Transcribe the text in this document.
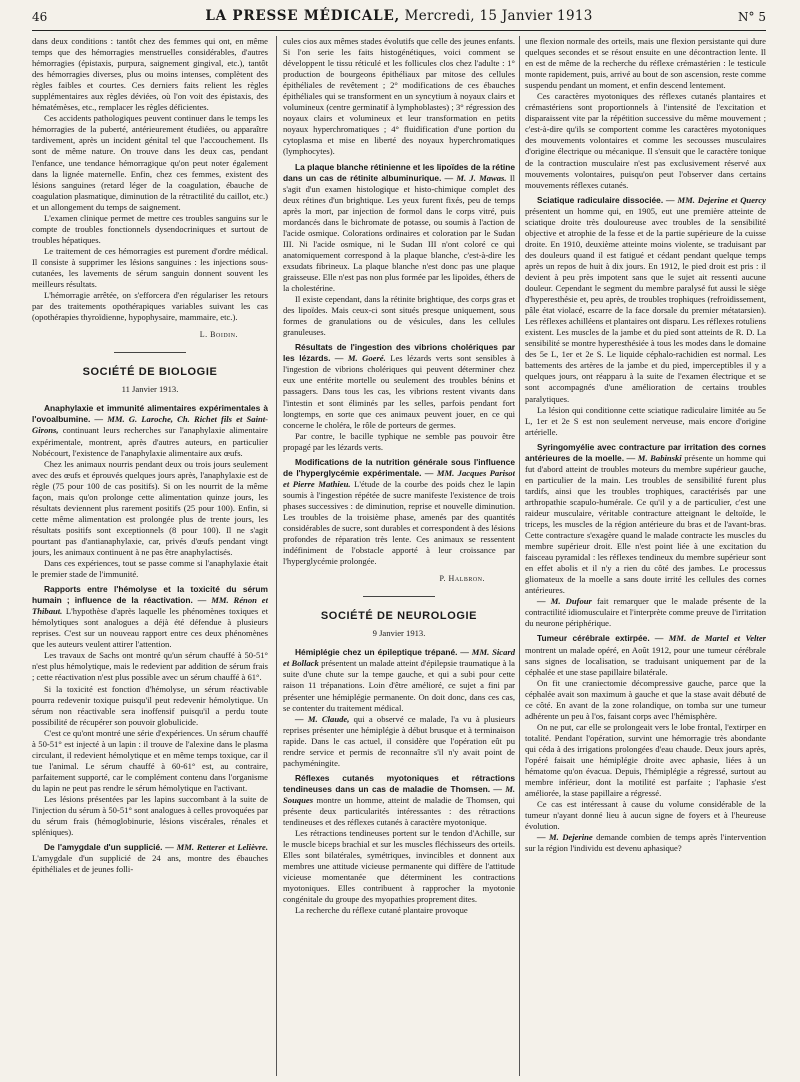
46	LA PRESSE MÉDICALE, Mercredi, 15 Janvier 1913	N° 5

dans deux conditions : tantôt chez des femmes qui ont, en même temps que des hémorragies menstruelles considérables, d'autres hémorragies (épistaxis, purpura, saignement gingival, etc.), tantôt des hémorragies diverses, plus ou moins intenses, complètent des règles faibles et courtes. Ces derniers faits relient les règles supplémentaires aux règles déviées, où l'on voit des épistaxis, des hématémèses, etc., remplacer les règles déficientes.

Ces accidents pathologiques peuvent continuer dans le temps les hémorragies de la puberté, antérieurement étudiées, ou apparaître tardivement, après un incident génital tel que l'accouchement. Ils sont de même nature. On trouve dans les deux cas, pendant l'enfance, une tendance hémorragique qu'on peut noter également dans la lignée maternelle. Enfin, chez ces femmes, existent des lésions sanguines (retard léger de la coagulation, ébauche de coagulation plasmatique, diminution de la rétractilité du caillot, etc.) et un allongement du temps de saignement.

L'examen clinique permet de mettre ces troubles sanguins sur le compte de troubles fonctionnels dysendocriniques et surtout de troubles hépatiques.

Le traitement de ces hémorragies est purement d'ordre médical. Il consiste à supprimer les lésions sanguines : les injections sous-cutanées, les lavements de sérum sanguin donnent souvent les meilleurs résultats.

L'hémorragie arrêtée, on s'efforcera d'en régulariser les retours par des traitements opothérapiques variables suivant les cas (opothérapies thyroïdienne, hypophysaire, mammaire, etc.).

L. Boidin.

SOCIÉTÉ DE BIOLOGIE

11 Janvier 1913.

Anaphylaxie et immunité alimentaires expérimentales à l'ovoalbumine. — MM. G. Laroche, Ch. Richet fils et Saint-Girons, continuant leurs recherches sur l'anaphylaxie alimentaire expérimentale, montrent, après d'autres auteurs, en particulier Nobécourt, l'existence de l'anaphylaxie alimentaire aux œufs.

Chez les animaux nourris pendant deux ou trois jours seulement avec des œufs et éprouvés quelques jours après, l'anaphylaxie est de règle (75 pour 100 de cas positifs). Si on les nourrit de la même façon, mais qu'on prolonge cette alimentation quinze jours, les résultats deviennent plus rarement positifs (25 pour 100). Enfin, si cette même alimentation est prolongée plus de trente jours, les résultats positifs sont exceptionnels (8 pour 100). Il ne s'agit pourtant pas d'antianaphylaxie, car, privés d'œufs pendant vingt jours, les animaux continuent à ne pas être anaphylactisés.

Dans ces expériences, tout se passe comme si l'anaphylaxie était le premier stade de l'immunité.

Rapports entre l'hémolyse et la toxicité du sérum humain ; influence de la réactivation. — MM. Rénon et Thibaut. L'hypothèse d'après laquelle les phénomènes toxiques et hémolytiques sont analogues a déjà été défendue à plusieurs reprises. C'est sur un nouveau rapport entre ces deux phénomènes que les auteurs veulent attirer l'attention.

Les travaux de Sachs ont montré qu'un sérum chauffé à 50-51° n'est plus hémolytique, mais le redevient par addition de sérum frais ; cette réactivation n'est plus possible avec un sérum chauffé à 61°.

Si la toxicité est fonction d'hémolyse, un sérum réactivable pourra redevenir toxique puisqu'il peut redevenir hémolytique. Un sérum non réactivable sera inoffensif puisqu'il a perdu toute possibilité de récupérer son pouvoir globulicide.

C'est ce qu'ont montré une série d'expériences. Un sérum chauffé à 50-51° est injecté à un lapin : il trouve de l'alexine dans le plasma circulant, il redevient hémolytique et en même temps toxique, car il tue l'animal. Le sérum chauffé à 60-61° est, au contraire, parfaitement supporté, car le complément contenu dans l'organisme du lapin ne peut pas rendre le sérum hémolytique en l'activant.

Les lésions présentées par les lapins succombant à la suite de l'injection du sérum à 50-51° sont analogues à celles provoquées par du sérum frais (hémoglobinurie, lésions viscérales, rénales et spléniques).

De l'amygdale d'un supplicié. — MM. Retterer et Lelièvre. L'amygdale d'un supplicié de 24 ans, montre des ébauches épithéliales et de jeunes folli-

cules cios aux mêmes stades évolutifs que celle des jeunes enfants. Si l'on serie les faits histogénétiques, voici comment se développent le tissu réticulé et les follicules clos chez l'adulte : 1° production de bourgeons épithéliaux par mitose des cellules épithéliales de revêtement ; 2° modifications de ces ébauches épithéliales qui se transforment en un syncytium à noyaux clairs et volumineux (centre germinatif à lymphoblastes) ; 3° régression des noyaux clairs et volumineux et leur transformation en petits noyaux hyperchromatiques ; 4° fluidification d'une portion du cytoplasma et mise en liberté des noyaux hyperchromatiques (lymphocytes).

La plaque blanche rétinienne et les lipoïdes de la rétine dans un cas de rétinite albuminurique. — M. J. Mawas. Il s'agit d'un examen histologique et histo-chimique complet des deux rétines d'un brightique. Les yeux furent fixés, peu de temps après la mort, par injection de formol dans le corps vitré, puis mordancés dans le bichromate de potasse, ou soumis à l'action de l'acide osmique. Colorations ordinaires et coloration par le Sudan III. Ni l'acide osmique, ni le Sudan III n'ont coloré ce qui anatomiquement correspond à la plaque blanche, c'est-à-dire les exsudats fibrineux. La plaque blanche n'est donc pas une plaque graisseuse. Elle n'est pas non plus formée par les lipoïdes, éthers de la cholestérine.

Il existe cependant, dans la rétinite brightique, des corps gras et des lipoïdes. Mais ceux-ci sont situés presque uniquement, sous formes de granulations ou de vésicules, dans les cellules granuleuses.

Résultats de l'ingestion des vibrions cholériques par les lézards. — M. Goeré. Les lézards verts sont sensibles à l'ingestion de vibrions cholériques qui peuvent déterminer chez eux une entérite mortelle ou seulement des troubles bénins et passagers. Dans tous les cas, les vibrions restent vivants dans l'intestin et sont éliminés par les selles, parfois pendant fort longtemps, en sorte que ces animaux peuvent jouer, en ce qui concerne le choléra, le rôle de porteurs de germes.

Par contre, le bacille typhique ne semble pas pouvoir être propagé par les lézards verts.

Modifications de la nutrition générale sous l'influence de l'hyperglycémie expérimentale. — MM. Jacques Parisot et Pierre Mathieu. L'étude de la courbe des poids chez le lapin soumis à l'ingestion répétée de sucre manifeste l'existence de trois phases successives : de diminution, reprise et nouvelle diminution. Les troubles de la troisième phase, amenés par des quantités considérables de sucre, sont durables et correspondent à des lésions profondes de réparation très lente. Ces animaux se ressentent indéfiniment de l'obstacle apporté à leur croissance par l'hyperglycémie prolongée.

P. Halbron.

SOCIÉTÉ DE NEUROLOGIE

9 Janvier 1913.

Hémiplégie chez un épileptique trépané. — MM. Sicard et Bollack présentent un malade atteint d'épilepsie traumatique à la suite d'une chute sur la tempe gauche, et qui a subi pour cette raison 11 trépanations. Loin d'être amélioré, ce sujet a fini par présenter une hémiplégie permanente. On doit donc, dans ces cas, se contenter du traitement médical.

— M. Claude, qui a observé ce malade, l'a vu à plusieurs reprises présenter une hémiplégie à début brusque et à terminaison rapide. Dans le cas actuel, il considère que l'opération eût pu rendre service et permis de reconnaître s'il n'y avait point de pachyméningite.

Réflexes cutanés myotoniques et rétractions tendineuses dans un cas de maladie de Thomsen. — M. Souques montre un homme, atteint de maladie de Thomsen, qui présente deux particularités intéressantes : des rétractions tendineuses et des réflexes cutanés à caractère myotonique.

Les rétractions tendineuses portent sur le tendon d'Achille, sur le muscle biceps brachial et sur les muscles fléchisseurs des orteils. Elles sont bilatérales, symétriques, invincibles et donnent aux membres une attitude vicieuse permanente qui diffère de l'attitude vicieuse momentanée que déterminent les contractions myotoniques. Elles contribuent à rapprocher la myotonie congénitale du groupe des myopathies proprement dites.

La recherche du réflexe cutané plantaire provoque

une flexion normale des orteils, mais une flexion persistante qui dure quelques secondes et se résout ensuite en une décontraction lente. Il en est de même de la recherche du réflexe crémastérien : le testicule monte rapidement, puis, arrivé au bout de son ascension, reste comme suspendu pendant un moment, et enfin descend lentement.

Ces caractères myotoniques des réflexes cutanés plantaires et crémastériens sont proportionnels à l'intensité de l'excitation et disparaissent vite par la répétition successive du même mouvement ; c'est-à-dire qu'ils se comportent comme les caractères myotoniques des mouvements volontaires et comme les secousses musculaires d'origine électrique ou mécanique. Il s'ensuit que le caractère tonique de la contraction musculaire n'est pas exclusivement réservé aux mouvements volontaires, puisqu'on peut l'observer dans certains mouvements réflexes cutanés.

Sciatique radiculaire dissociée. — MM. Dejerine et Quercy présentent un homme qui, en 1905, eut une première atteinte de sciatique droite très douloureuse avec troubles de la sensibilité objective et atrophie de la fesse et de la partie supérieure de la cuisse droite. En 1910, deuxième atteinte moins violente, se traduisant par des douleurs quand il est fatigué et cédant pendant quelque temps après un repos de huit à dix jours. En 1912, le pied droit est pris : il devient à peu près impotent sans que le sujet ait ressenti aucune douleur. Cependant le segment du membre paralysé fut aussi le siège d'hyperesthésie et, peu après, de troubles trophiques (refroidissement, pâle état violacé, escarre de la face dorsale du premier métatarsien). Les réflexes achilléens et plantaires ont disparu. Les réflexes rotuliens existent. Les muscles de la jambe et du pied sont atteints de R. D. La sensibilité se montre hyperesthésiée à tous les modes dans le domaine des 5e L, 1er et 2e S. Le liquide céphalo-rachidien est normal. Les battements des artères de la jambe et du pied, imperceptibles il y a quelques jours, ont réapparu à la suite de l'examen électrique et se sont accompagnés d'une amélioration de certains troubles paralytiques.

La lésion qui conditionne cette sciatique radiculaire limitée au 5e L, 1er et 2e S est non seulement nerveuse, mais encore d'origine artérielle.

Syringomyélie avec contracture par irritation des cornes antérieures de la moelle. — M. Babinski présente un homme qui fut d'abord atteint de troubles moteurs du membre supérieur gauche, en particulier de la main. Les troubles de sensibilité furent plus tardifs, ainsi que les troubles trophiques, caractérisés par une arthropathie scapulo-humérale. Ce qu'il y a de particulier, c'est une raideur musculaire, véritable contracture atteignant le deltoïde, le triceps, les muscles de la région antérieure du bras et de l'avant-bras. Cette contracture s'exagère quand le malade contracte les muscles du membre supérieur droit. Elle n'est point liée à une excitation du faisceau pyramidal : les réflexes tendineux du membre supérieur sont en effet abolis et il n'y a rien du côté des jambes. Le processus gliomateux de la moelle a sans doute irrité les cellules des cornes antérieures.

— M. Dufour fait remarquer que le malade présente de la contractilité idiomusculaire et l'interprète comme preuve de l'irritation du neurone périphérique.

Tumeur cérébrale extirpée. — MM. de Martel et Velter montrent un malade opéré, en Août 1912, pour une tumeur cérébrale sans signes de localisation, se traduisant uniquement par de la céphalée et une stase papillaire bilatérale.

On fit une craniectomie décompressive gauche, parce que la céphalée avait son maximum à gauche et que la stase avait débuté de ce côté. En avant de la zone rolandique, on tomba sur une tumeur adhérente un peu à l'os, faisant corps avec l'hémisphère.

On ne put, car elle se prolongeait vers le lobe frontal, l'extirper en totalité. Pendant l'opération, survint une hémorragie très abondante qui céda à des irrigations prolongées d'eau chaude. Deux jours après, l'opéré faisait une hémiplégie droite avec aphasie, liées à un hématome qu'on évacua. Depuis, l'hémiplégie a régressé, surtout au membre inférieur, dont la motilité est parfaite ; l'aphasie s'est améliorée, la stase papillaire a régressé.

Ce cas est intéressant à cause du volume considérable de la tumeur n'ayant donné lieu à aucun signe de foyers et à l'heureuse évolution.

— M. Dejerine demande combien de temps après l'intervention sur la région l'individu est devenu aphasique?
